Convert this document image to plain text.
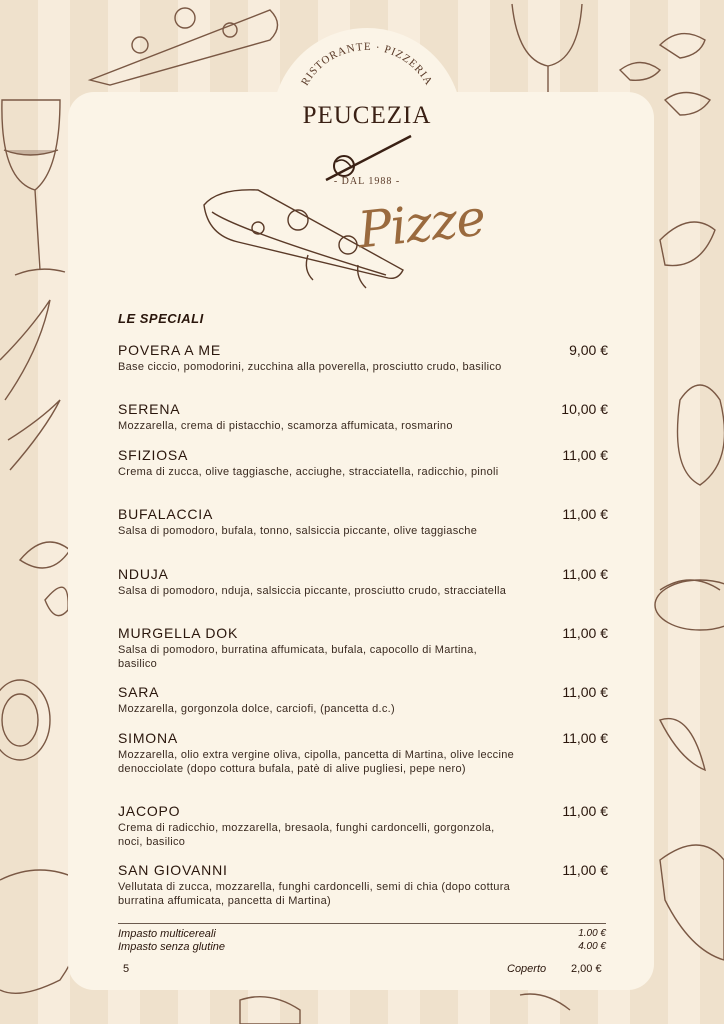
RISTORANTE · PIZZERIA
PEUCEZIA
- DAL 1988 -
Pizze
LE SPECIALI
POVERA A ME
Base ciccio, pomodorini, zucchina alla poverella, prosciutto crudo, basilico
9,00 €
SERENA
Mozzarella, crema di pistacchio, scamorza affumicata, rosmarino
10,00 €
SFIZIOSA
Crema di zucca, olive taggiasche, acciughe, stracciatella, radicchio, pinoli
11,00 €
BUFALACCIA
Salsa di pomodoro, bufala, tonno, salsiccia piccante, olive taggiasche
11,00 €
NDUJA
Salsa di pomodoro, nduja, salsiccia piccante, prosciutto crudo, stracciatella
11,00 €
MURGELLA DOK
Salsa di pomodoro, burratina affumicata, bufala, capocollo di Martina, basilico
11,00 €
SARA
Mozzarella, gorgonzola dolce, carciofi, (pancetta d.c.)
11,00 €
SIMONA
Mozzarella, olio extra vergine oliva, cipolla, pancetta di Martina, olive leccine denocciolate (dopo cottura bufala, patè di alive pugliesi, pepe nero)
11,00 €
JACOPO
Crema di radicchio, mozzarella, bresaola, funghi cardoncelli, gorgonzola, noci, basilico
11,00 €
SAN GIOVANNI
Vellutata di zucca, mozzarella, funghi cardoncelli, semi di chia (dopo cottura burratina affumicata, pancetta di Martina)
11,00 €
Impasto multicereali	1.00 €
Impasto senza glutine	4.00 €
5	Coperto 2,00 €
